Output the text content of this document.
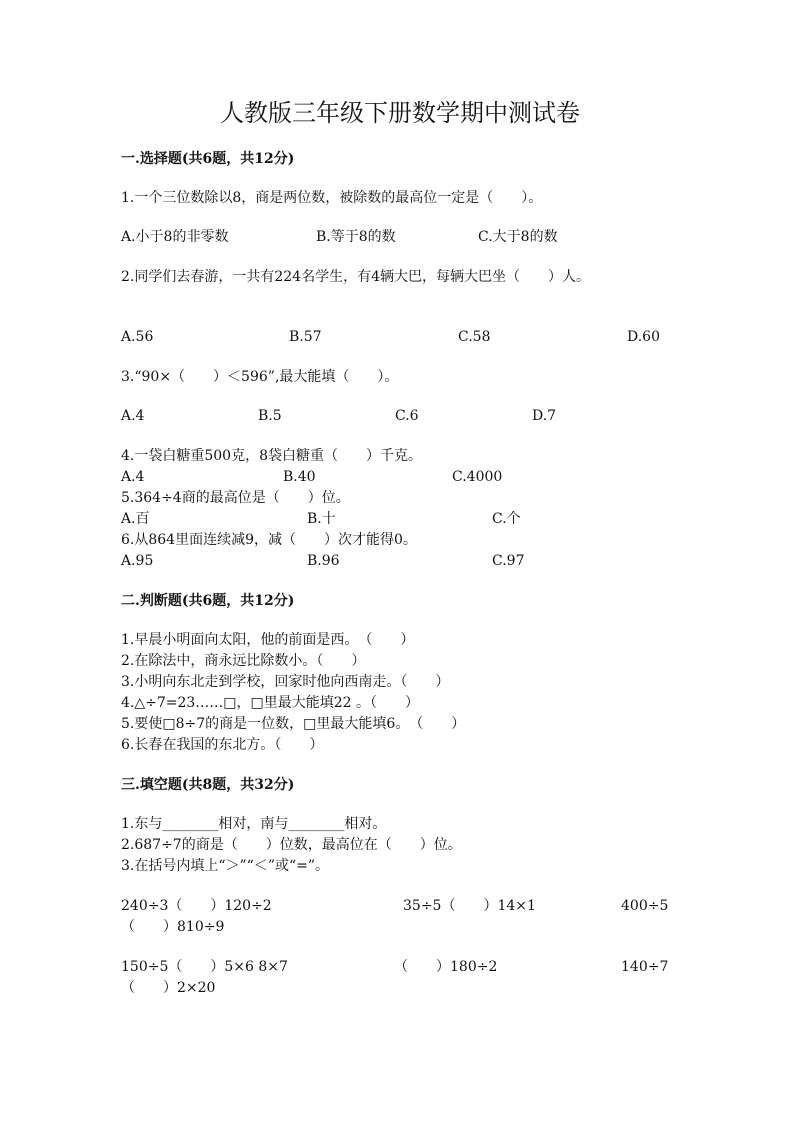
人教版三年级下册数学期中测试卷
一.选择题(共6题，共12分)
1.一个三位数除以8，商是两位数，被除数的最高位一定是（　　）。
A.小于8的非零数	B.等于8的数	C.大于8的数
2.同学们去春游，一共有224名学生，有4辆大巴，每辆大巴坐（　　）人。
A.56	B.57	C.58	D.60
3.“90×（　　）＜596”,最大能填（　　）。
A.4	B.5	C.6	D.7
4.一袋白糖重500克，8袋白糖重（　　）千克。
A.4	B.40	C.4000
5.364÷4商的最高位是（　　）位。
A.百	B.十	C.个
6.从864里面连续减9，减（　　）次才能得0。
A.95	B.96	C.97
二.判断题(共6题，共12分)
1.早晨小明面向太阳，他的前面是西。　（　　）
2.在除法中，商永远比除数小。（　　）
3.小明向东北走到学校，回家时他向西南走。（　　）
4.△÷7=23……□，□里最大能填22 。（　　）
5.要使□8÷7的商是一位数，□里最大能填6。　（　　）
6.长春在我国的东北方。（　　）
三.填空题(共8题，共32分)
1.东与________相对，南与________相对。
2.687÷7的商是（　　）位数，最高位在（　　）位。
3.在括号内填上“＞”“＜”或“=”。
240÷3（　　）120÷2	35÷5（　　）14×1	400÷5
（　　）810÷9
150÷5（　　）5×6 8×7	（　　）180÷2	140÷7
（　　）2×20
